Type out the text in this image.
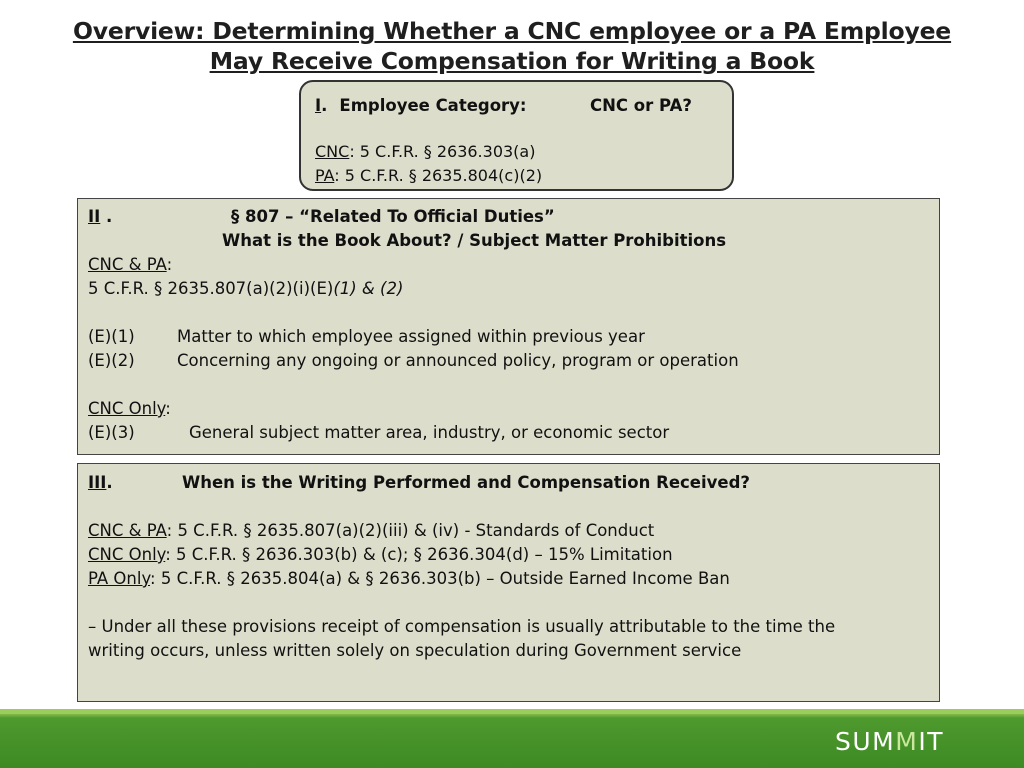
Overview: Determining Whether a CNC employee or a PA Employee
May Receive Compensation for Writing a Book
I. Employee Category:	CNC or PA?
CNC: 5 C.F.R. § 2636.303(a)
PA: 5 C.F.R. § 2635.804(c)(2)
II .	§ 807 – “Related To Official Duties”
What is the Book About? / Subject Matter Prohibitions
CNC & PA:
5 C.F.R. § 2635.807(a)(2)(i)(E)(1) & (2)
(E)(1)	Matter to which employee assigned within previous year
(E)(2)	Concerning any ongoing or announced policy, program or operation
CNC Only:
(E)(3)	General subject matter area, industry, or economic sector
III.	When is the Writing Performed and Compensation Received?
CNC & PA: 5 C.F.R. § 2635.807(a)(2)(iii) & (iv) - Standards of Conduct
CNC Only: 5 C.F.R. § 2636.303(b) & (c); § 2636.304(d) – 15% Limitation
PA Only: 5 C.F.R. § 2635.804(a) & § 2636.303(b) – Outside Earned Income Ban
– Under all these provisions receipt of compensation is usually attributable to the time the
writing occurs, unless written solely on speculation during Government service
SUMMIT
